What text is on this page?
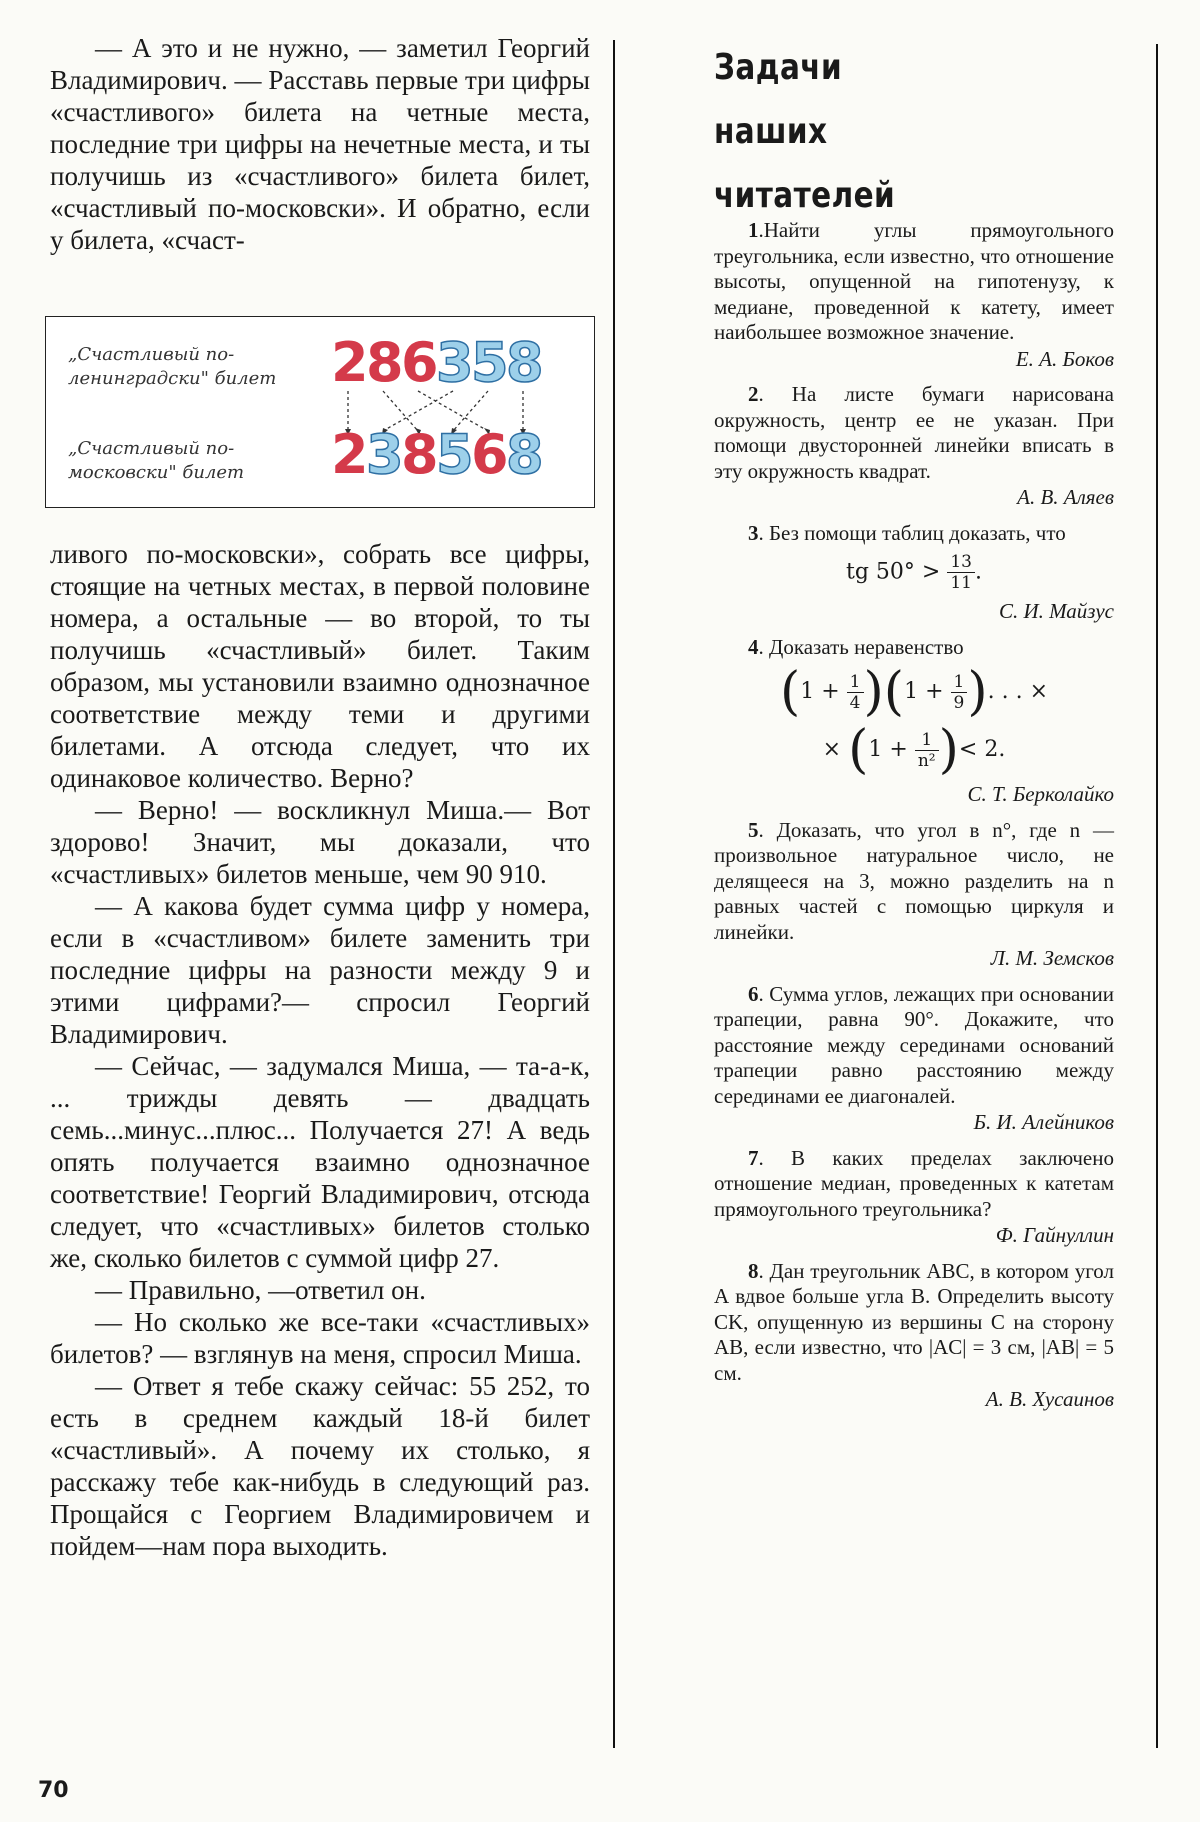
— А это и не нужно, — заметил Георгий Владимирович. — Расставь первые три цифры «счастливого» билета на четные места, последние три цифры на нечетные места, и ты получишь из «счастливого» билета билет, «счастливый по-московски». И обратно, если у билета, «счаст-

„Счастливый по-ленинградски" билет
„Счастливый по-московски" билет
286358
238568

ливого по-московски», собрать все цифры, стоящие на четных местах, в первой половине номера, а остальные — во второй, то ты получишь «счастливый» билет. Таким образом, мы установили взаимно однозначное соответствие между теми и другими билетами. А отсюда следует, что их одинаковое количество. Верно?

— Верно! — воскликнул Миша.— Вот здорово! Значит, мы доказали, что «счастливых» билетов меньше, чем 90 910.

— А какова будет сумма цифр у номера, если в «счастливом» билете заменить три последние цифры на разности между 9 и этими цифрами?— спросил Георгий Владимирович.

— Сейчас, — задумался Миша, — та-а-к, ... трижды девять — двадцать семь...минус...плюс... Получается 27! А ведь опять получается взаимно однозначное соответствие! Георгий Владимирович, отсюда следует, что «счастливых» билетов столько же, сколько билетов с суммой цифр 27.

— Правильно, —ответил он.

— Но сколько же все-таки «счастливых» билетов? — взглянув на меня, спросил Миша.

— Ответ я тебе скажу сейчас: 55 252, то есть в среднем каждый 18-й билет «счастливый». А почему их столько, я расскажу тебе как-нибудь в следующий раз. Прощайся с Георгием Владимировичем и пойдем—нам пора выходить.

Задачи
наших
читателей
1.Найти углы прямоугольного треугольника, если известно, что отношение высоты, опущенной на гипотенузу, к медиане, проведенной к катету, имеет наибольшее возможное значение.
Е. А. Боков
2. На листе бумаги нарисована окружность, центр ее не указан. При помощи двусторонней линейки вписать в эту окружность квадрат.
А. В. Аляев
3. Без помощи таблиц доказать, что
tg $50^\circ > \frac{13}{11}$ .
С. И. Майзус
4. Доказать неравенство
$(1 + \frac{1}{4} )(1 + \frac{1}{9}$ ). . . ×
× ($1 + \frac{1}{\text{n²}}$ )< 2.
С. Т. Берколайко
5. Доказать, что угол в n°, где n — произвольное натуральное число, не делящееся на 3, можно разделить на n равных частей с помощью циркуля и линейки.
Л. М. Земсков
6. Сумма углов, лежащих при основании трапеции, равна 90°. Докажите, что расстояние между серединами оснований трапеции равно расстоянию между серединами ее диагоналей.
Б. И. Алейников
7. В каких пределах заключено отношение медиан, проведенных к катетам прямоугольного треугольника?
Ф. Гайнуллин
8. Дан треугольник ABC, в котором угол A вдвое больше угла B. Определить высоту CK, опущенную из вершины C на сторону AB, если известно, что |AC| = 3 см, |AB| = 5 см.
А. В. Хусаинов
70
